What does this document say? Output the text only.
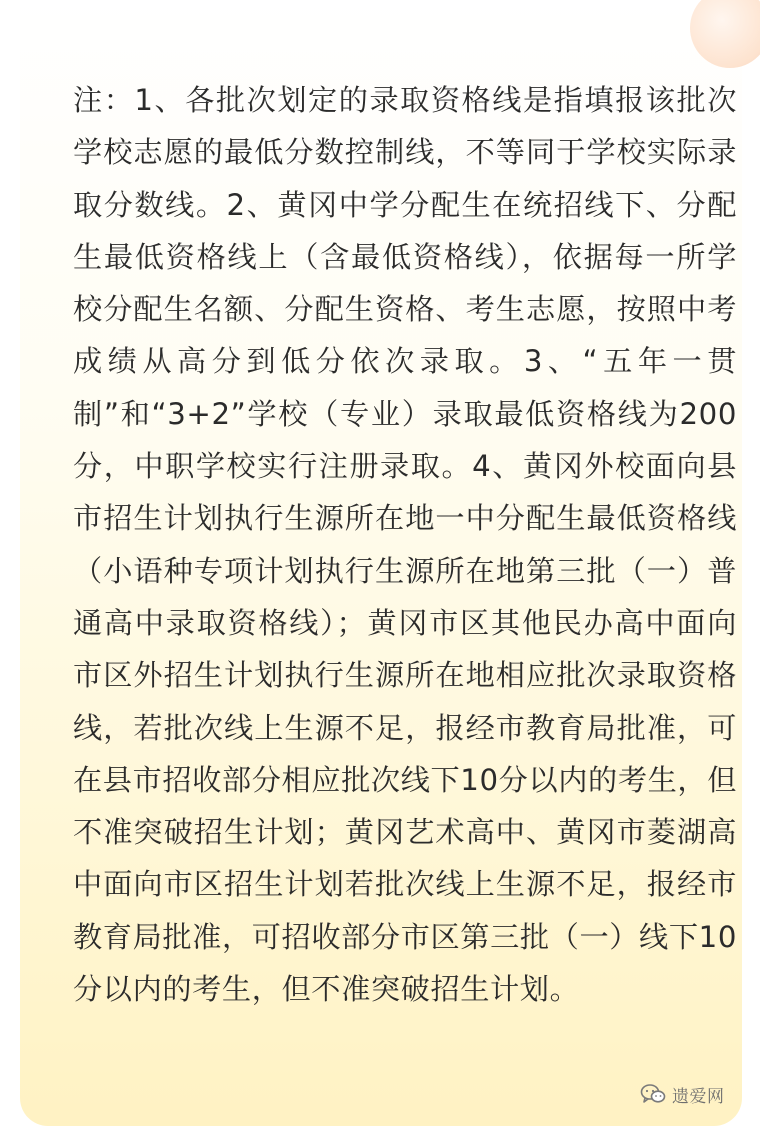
注：1、各批次划定的录取资格线是指填报该批次学校志愿的最低分数控制线，不等同于学校实际录取分数线。2、黄冈中学分配生在统招线下、分配生最低资格线上（含最低资格线），依据每一所学校分配生名额、分配生资格、考生志愿，按照中考成绩从高分到低分依次录取。3、“五年一贯制”和“3+2”学校（专业）录取最低资格线为200分，中职学校实行注册录取。4、黄冈外校面向县市招生计划执行生源所在地一中分配生最低资格线（小语种专项计划执行生源所在地第三批（一）普通高中录取资格线）；黄冈市区其他民办高中面向市区外招生计划执行生源所在地相应批次录取资格线，若批次线上生源不足，报经市教育局批准，可在县市招收部分相应批次线下10分以内的考生，但不准突破招生计划；黄冈艺术高中、黄冈市菱湖高中面向市区招生计划若批次线上生源不足，报经市教育局批准，可招收部分市区第三批（一）线下10分以内的考生，但不准突破招生计划。

遗爱网
